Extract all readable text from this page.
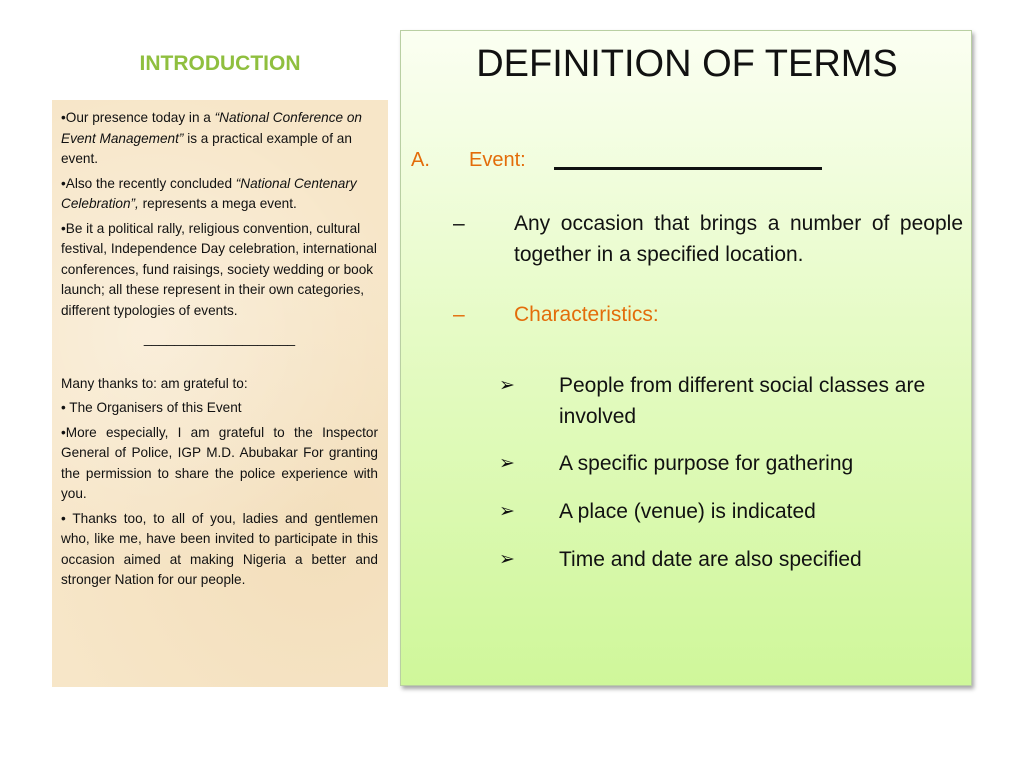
INTRODUCTION

•Our presence today in a “National Conference on Event Management” is a practical example of an event.

•Also the recently concluded “National Centenary Celebration”, represents a mega event.

•Be it a political rally, religious convention, cultural festival, Independence Day celebration, international conferences, fund raisings, society wedding or book launch; all these represent in their own categories, different typologies of events.

____________________

Many thanks to: am grateful to:

• The Organisers of this Event

•More especially, I am grateful to the Inspector General of Police, IGP M.D. Abubakar For granting the permission to share the police experience with you.

• Thanks too, to all of you, ladies and gentlemen who, like me, have been invited to participate in this occasion aimed at making Nigeria a better and stronger Nation for our people.

DEFINITION OF TERMS
A. Event:
–	Any occasion that brings a number of people together in a specified location.
–	Characteristics:
➢	People from different social classes are involved
➢	A specific purpose for gathering
➢	A place (venue) is indicated
➢	Time and date are also specified
